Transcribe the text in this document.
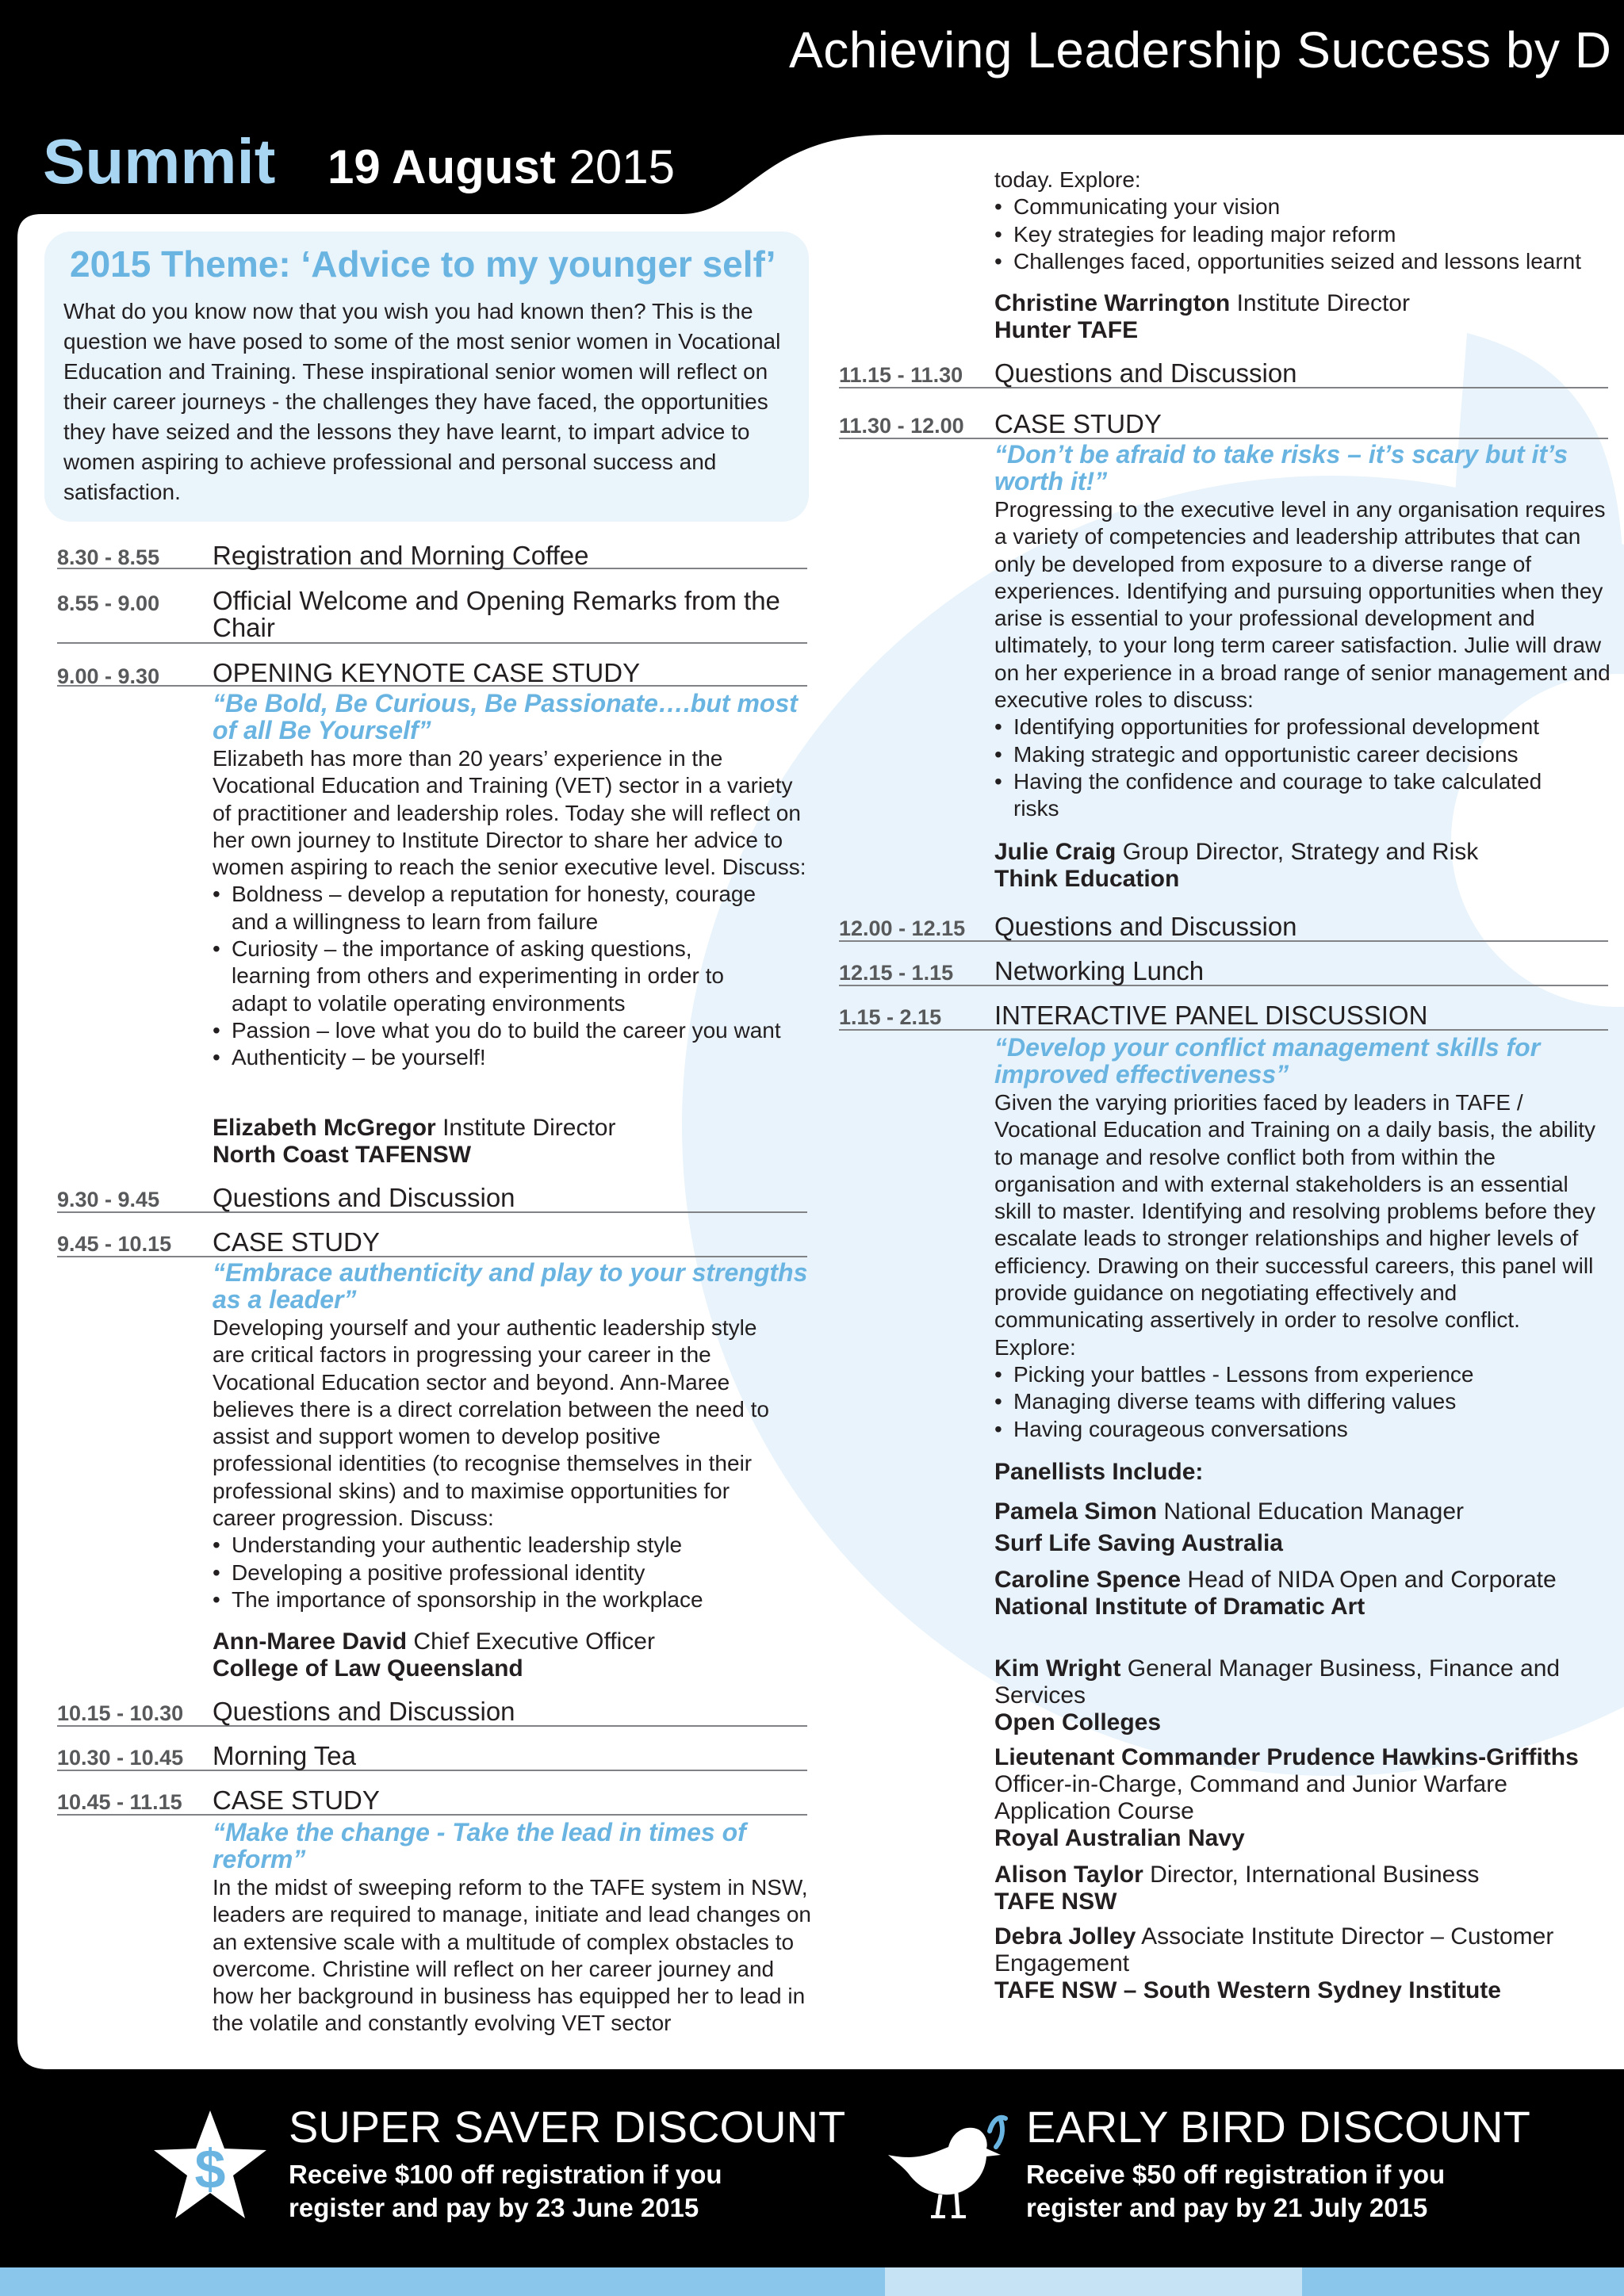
Achieving Leadership Success by D
Summit 19 August 2015
2015 Theme: ‘Advice to my younger self’
What do you know now that you wish you had known then? This is the question we have posed to some of the most senior women in Vocational Education and Training. These inspirational senior women will reflect on their career journeys - the challenges they have faced, the opportunities they have seized and the lessons they have learnt, to impart advice to women aspiring to achieve professional and personal success and satisfaction.
8.30 - 8.55 Registration and Morning Coffee
8.55 - 9.00 Official Welcome and Opening Remarks from the Chair
9.00 - 9.30 OPENING KEYNOTE CASE STUDY
“Be Bold, Be Curious, Be Passionate….but most of all Be Yourself”
Elizabeth has more than 20 years’ experience in the Vocational Education and Training (VET) sector in a variety of practitioner and leadership roles. Today she will reflect on her own journey to Institute Director to share her advice to women aspiring to reach the senior executive level. Discuss:
• Boldness – develop a reputation for honesty, courage and a willingness to learn from failure
• Curiosity – the importance of asking questions, learning from others and experimenting in order to adapt to volatile operating environments
• Passion – love what you do to build the career you want
• Authenticity – be yourself!
Elizabeth McGregor Institute Director
North Coast TAFENSW
9.30 - 9.45 Questions and Discussion
9.45 - 10.15 CASE STUDY
“Embrace authenticity and play to your strengths as a leader”
Developing yourself and your authentic leadership style are critical factors in progressing your career in the Vocational Education sector and beyond. Ann-Maree believes there is a direct correlation between the need to assist and support women to develop positive professional identities (to recognise themselves in their professional skins) and to maximise opportunities for career progression. Discuss:
• Understanding your authentic leadership style
• Developing a positive professional identity
• The importance of sponsorship in the workplace
Ann-Maree David Chief Executive Officer
College of Law Queensland
10.15 - 10.30 Questions and Discussion
10.30 - 10.45 Morning Tea
10.45 - 11.15 CASE STUDY
“Make the change - Take the lead in times of reform”
In the midst of sweeping reform to the TAFE system in NSW, leaders are required to manage, initiate and lead changes on an extensive scale with a multitude of complex obstacles to overcome. Christine will reflect on her career journey and how her background in business has equipped her to lead in the volatile and constantly evolving VET sector
today. Explore:
• Communicating your vision
• Key strategies for leading major reform
• Challenges faced, opportunities seized and lessons learnt
Christine Warrington Institute Director
Hunter TAFE
11.15 - 11.30 Questions and Discussion
11.30 - 12.00 CASE STUDY
“Don’t be afraid to take risks – it’s scary but it’s worth it!”
Progressing to the executive level in any organisation requires a variety of competencies and leadership attributes that can only be developed from exposure to a diverse range of experiences. Identifying and pursuing opportunities when they arise is essential to your professional development and ultimately, to your long term career satisfaction. Julie will draw on her experience in a broad range of senior management and executive roles to discuss:
• Identifying opportunities for professional development
• Making strategic and opportunistic career decisions
• Having the confidence and courage to take calculated risks
Julie Craig Group Director, Strategy and Risk
Think Education
12.00 - 12.15 Questions and Discussion
12.15 - 1.15 Networking Lunch
1.15 - 2.15 INTERACTIVE PANEL DISCUSSION
“Develop your conflict management skills for improved effectiveness”
Given the varying priorities faced by leaders in TAFE / Vocational Education and Training on a daily basis, the ability to manage and resolve conflict both from within the organisation and with external stakeholders is an essential skill to master. Identifying and resolving problems before they escalate leads to stronger relationships and higher levels of efficiency. Drawing on their successful careers, this panel will provide guidance on negotiating effectively and communicating assertively in order to resolve conflict. Explore:
• Picking your battles - Lessons from experience
• Managing diverse teams with differing values
• Having courageous conversations
Panellists Include:
Pamela Simon National Education Manager
Surf Life Saving Australia
Caroline Spence Head of NIDA Open and Corporate
National Institute of Dramatic Art
Kim Wright General Manager Business, Finance and Services
Open Colleges
Lieutenant Commander Prudence Hawkins-Griffiths Officer-in-Charge, Command and Junior Warfare Application Course
Royal Australian Navy
Alison Taylor Director, International Business
TAFE NSW
Debra Jolley Associate Institute Director – Customer Engagement
TAFE NSW – South Western Sydney Institute
$
SUPER SAVER DISCOUNT
Receive $100 off registration if you
register and pay by 23 June 2015
EARLY BIRD DISCOUNT
Receive $50 off registration if you
register and pay by 21 July 2015
